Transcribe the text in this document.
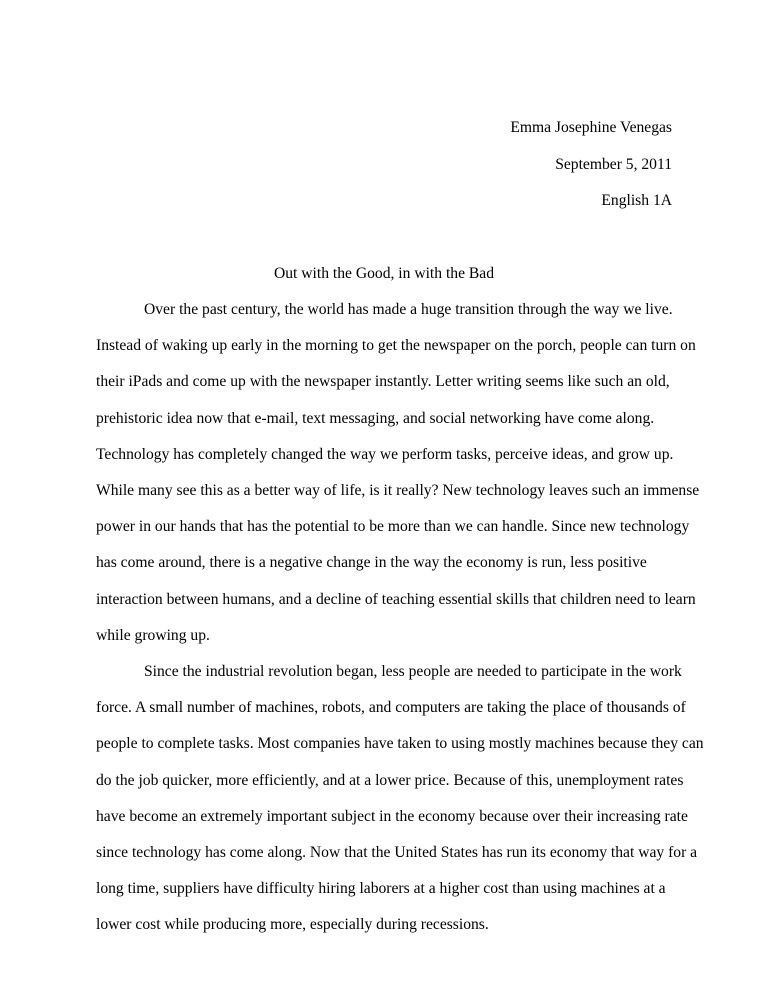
Emma Josephine Venegas
September 5, 2011
English 1A
Out with the Good, in with the Bad
Over the past century, the world has made a huge transition through the way we live.
Instead of waking up early in the morning to get the newspaper on the porch, people can turn on
their iPads and come up with the newspaper instantly. Letter writing seems like such an old,
prehistoric idea now that e-mail, text messaging, and social networking have come along.
Technology has completely changed the way we perform tasks, perceive ideas, and grow up.
While many see this as a better way of life, is it really? New technology leaves such an immense
power in our hands that has the potential to be more than we can handle. Since new technology
has come around, there is a negative change in the way the economy is run, less positive
interaction between humans, and a decline of teaching essential skills that children need to learn
while growing up.
Since the industrial revolution began, less people are needed to participate in the work
force. A small number of machines, robots, and computers are taking the place of thousands of
people to complete tasks. Most companies have taken to using mostly machines because they can
do the job quicker, more efficiently, and at a lower price. Because of this, unemployment rates
have become an extremely important subject in the economy because over their increasing rate
since technology has come along. Now that the United States has run its economy that way for a
long time, suppliers have difficulty hiring laborers at a higher cost than using machines at a
lower cost while producing more, especially during recessions.
